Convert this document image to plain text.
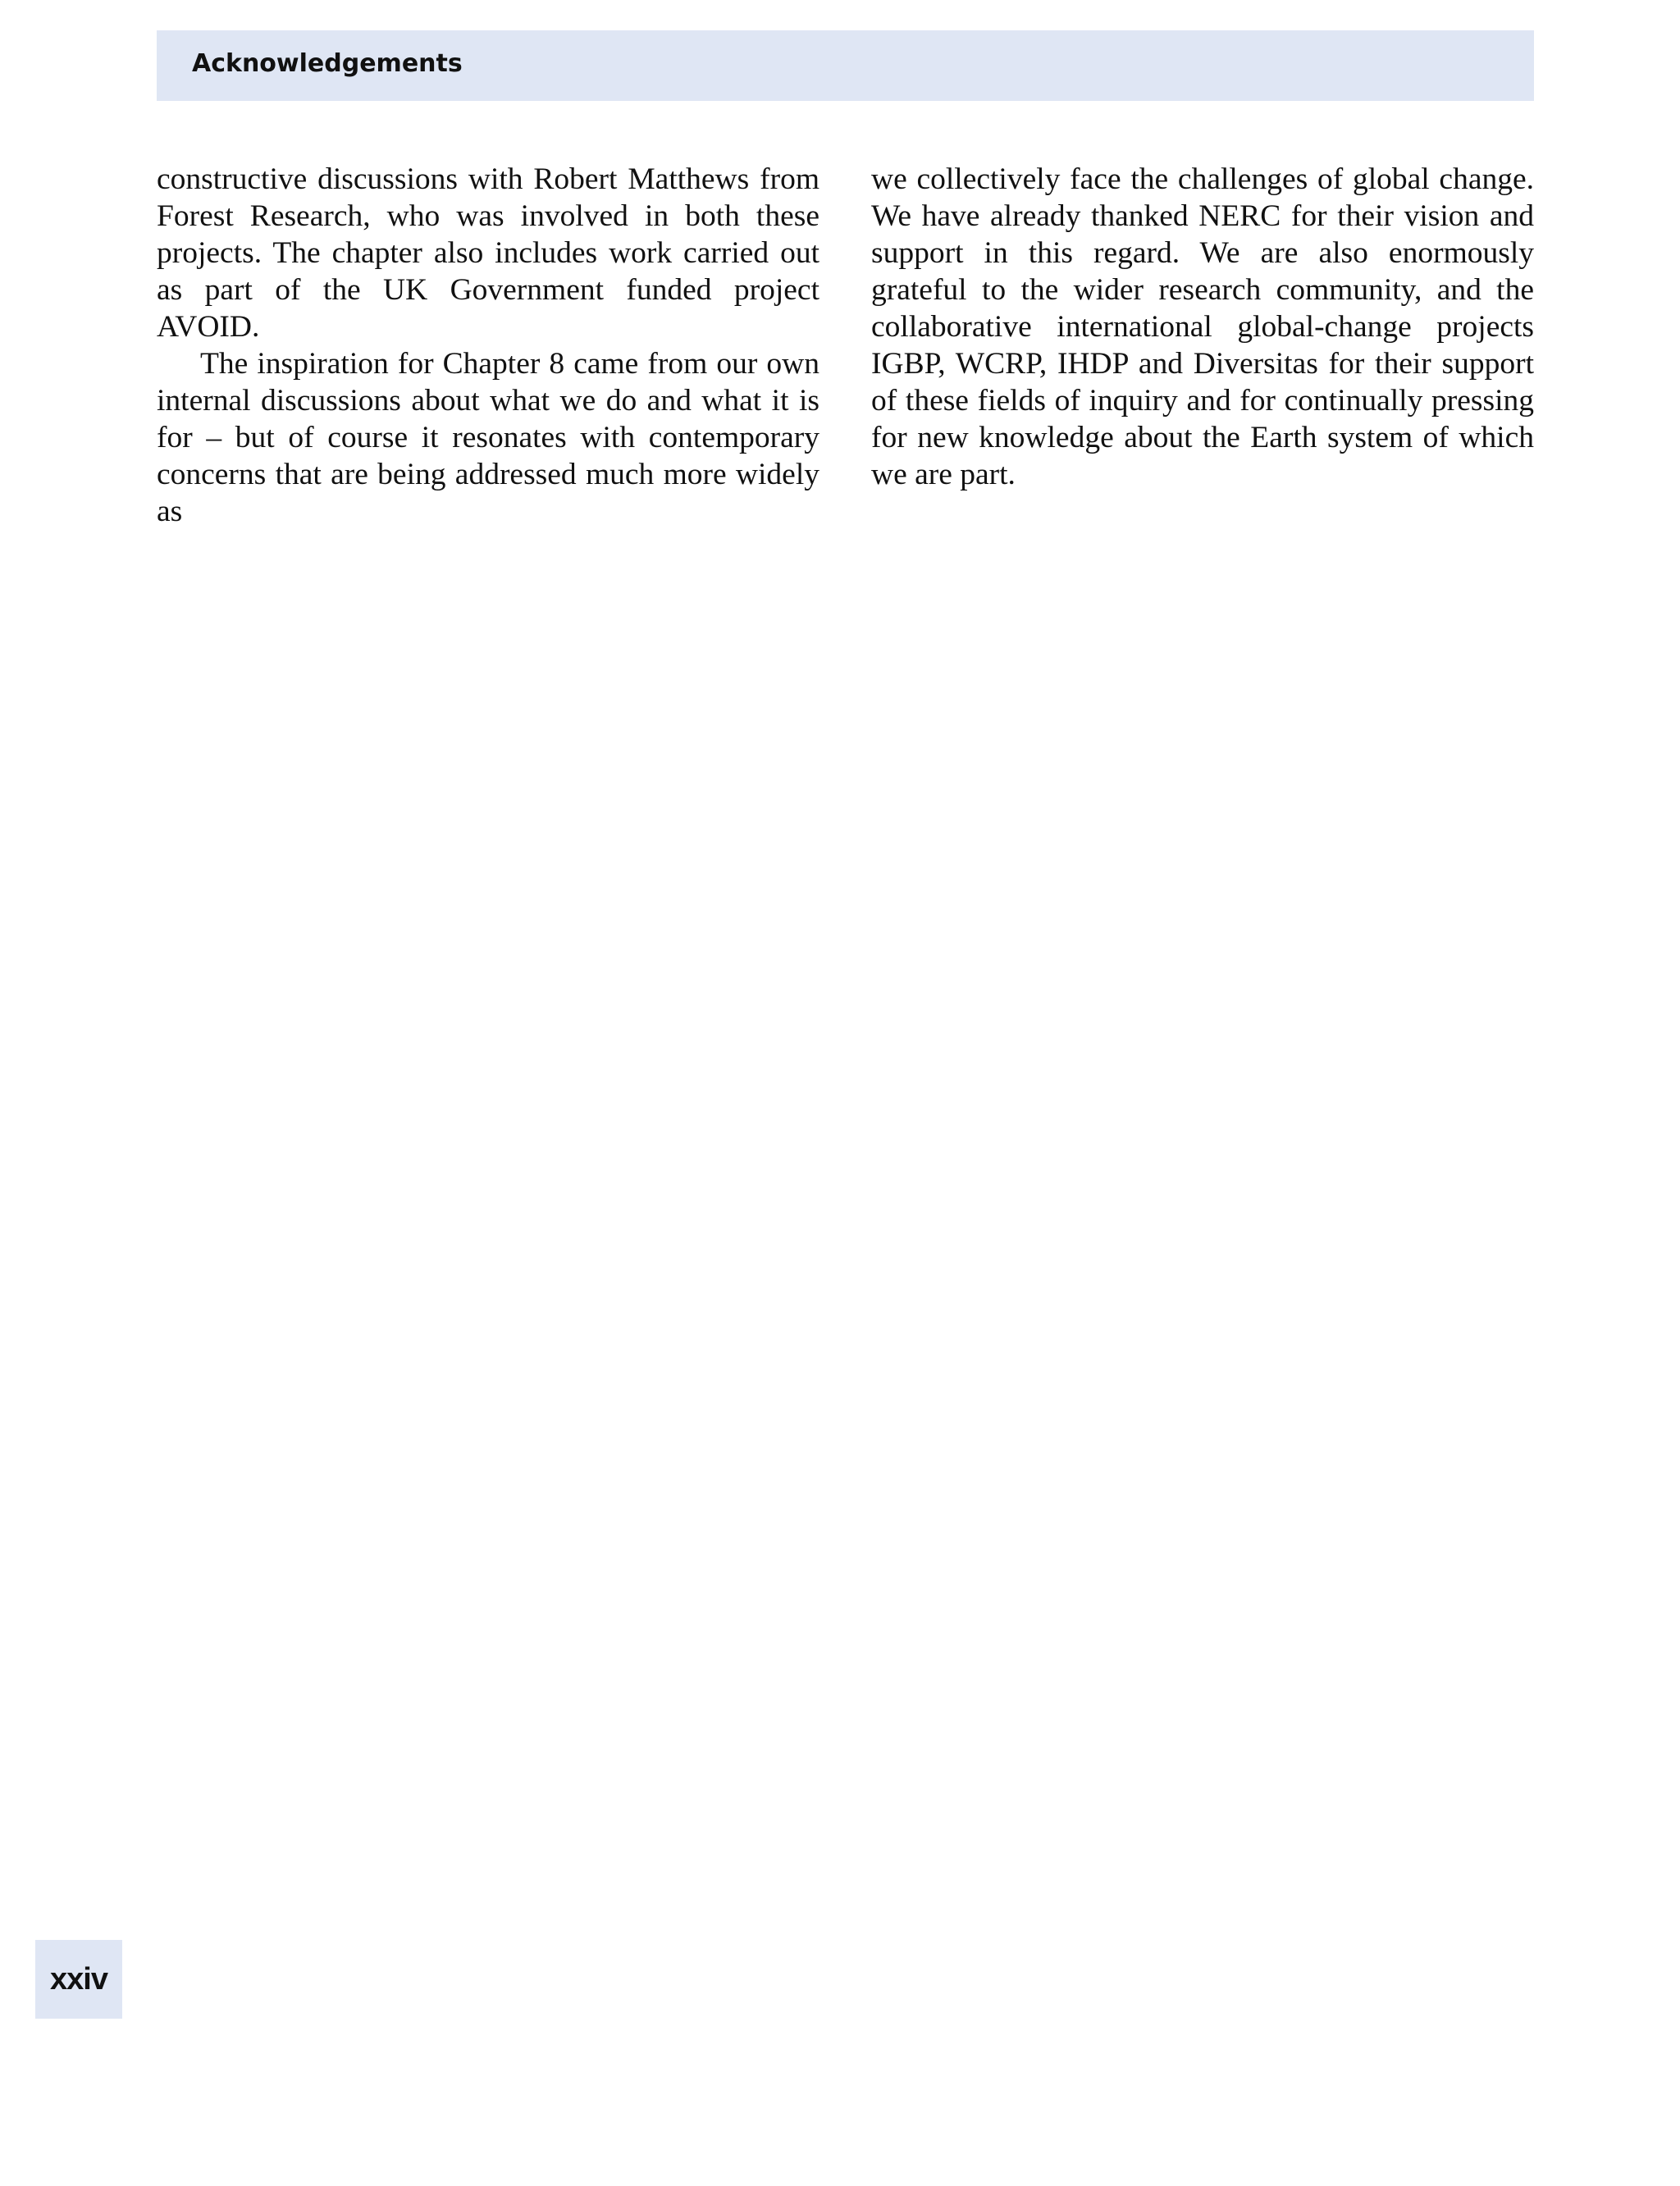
Acknowledgements

constructive discussions with Robert Matthews from Forest Research, who was involved in both these projects. The chapter also includes work carried out as part of the UK Government funded project AVOID.

The inspiration for Chapter 8 came from our own internal discussions about what we do and what it is for – but of course it resonates with contemporary concerns that are being addressed much more widely as

we collectively face the challenges of global change. We have already thanked NERC for their vision and support in this regard. We are also enormously grateful to the wider research community, and the collaborative international global-change projects IGBP, WCRP, IHDP and Diversitas for their support of these fields of inquiry and for continually pressing for new knowledge about the Earth system of which we are part.

xxiv
